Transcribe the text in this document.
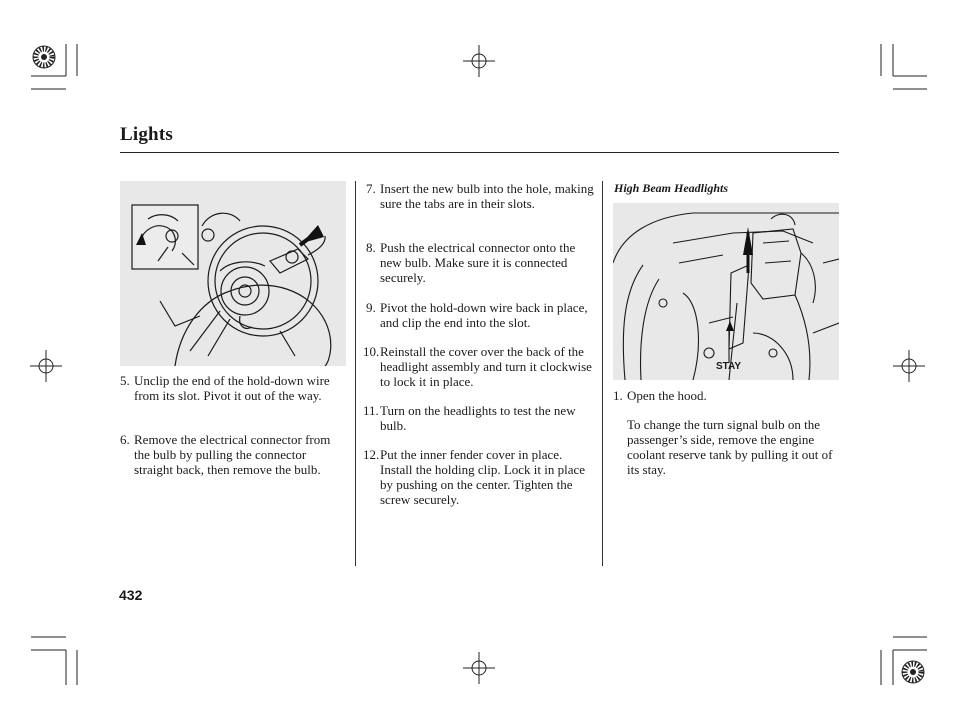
Lights
5. Unclip the end of the hold-down wire from its slot. Pivot it out of the way.
6. Remove the electrical connector from the bulb by pulling the connector straight back, then remove the bulb.
7. Insert the new bulb into the hole, making sure the tabs are in their slots.
8. Push the electrical connector onto the new bulb. Make sure it is connected securely.
9. Pivot the hold-down wire back in place, and clip the end into the slot.
10. Reinstall the cover over the back of the headlight assembly and turn it clockwise to lock it in place.
11. Turn on the headlights to test the new bulb.
12. Put the inner fender cover in place. Install the holding clip. Lock it in place by pushing on the center. Tighten the screw securely.
High Beam Headlights
STAY
1. Open the hood.
To change the turn signal bulb on the passenger’s side, remove the engine coolant reserve tank by pulling it out of its stay.
432
